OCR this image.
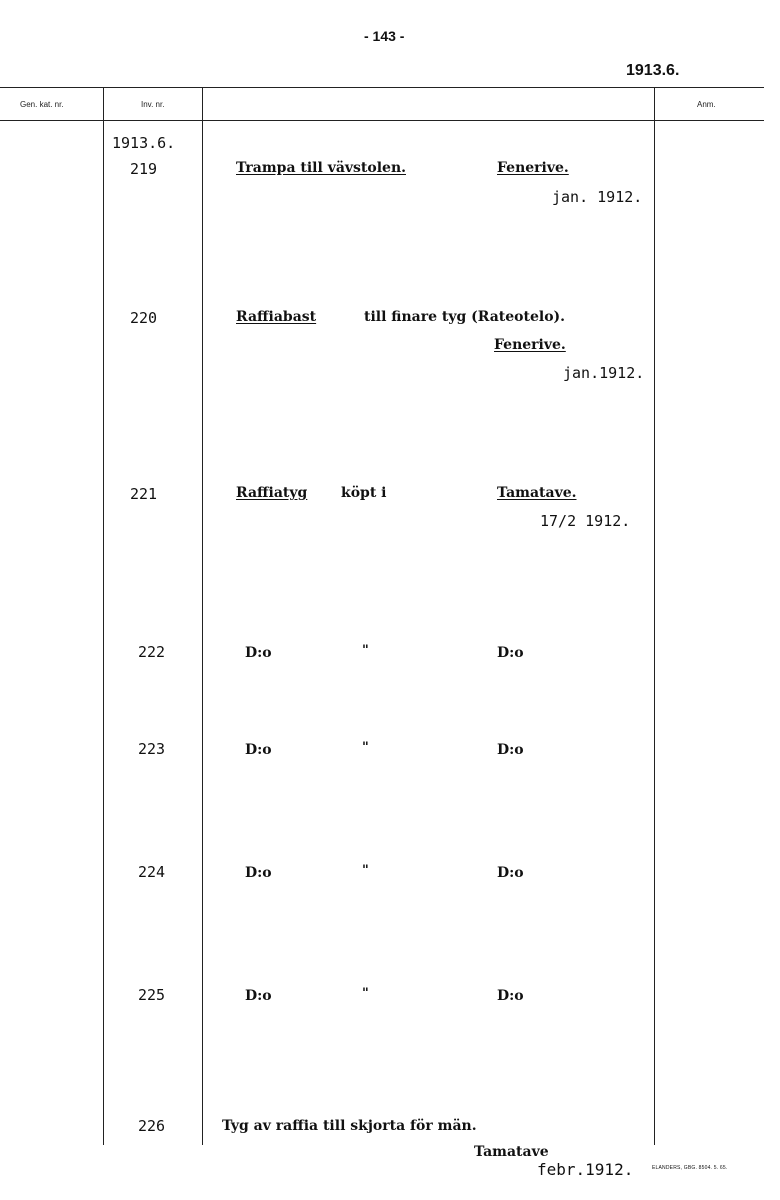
- 143 -
1913.6.
Gen. kat. nr.	Inv. nr.	Anm.
1913.6.
219	Trampa till vävstolen.	Fenerive.
jan. 1912.
220	Raffiabast	till finare tyg (Rateotelo).
Fenerive.
jan.1912.
221	Raffiatyg köpt i	Tamatave.
17/2 1912.
222	D:o	"	D:o
223	D:o	"	D:o
224	D:o	"	D:o
225	D:o	"	D:o
226	Tyg av raffia till skjorta för män.
Tamatave
febr.1912.	ELANDERS, GBG. 8504. 5. 65.
